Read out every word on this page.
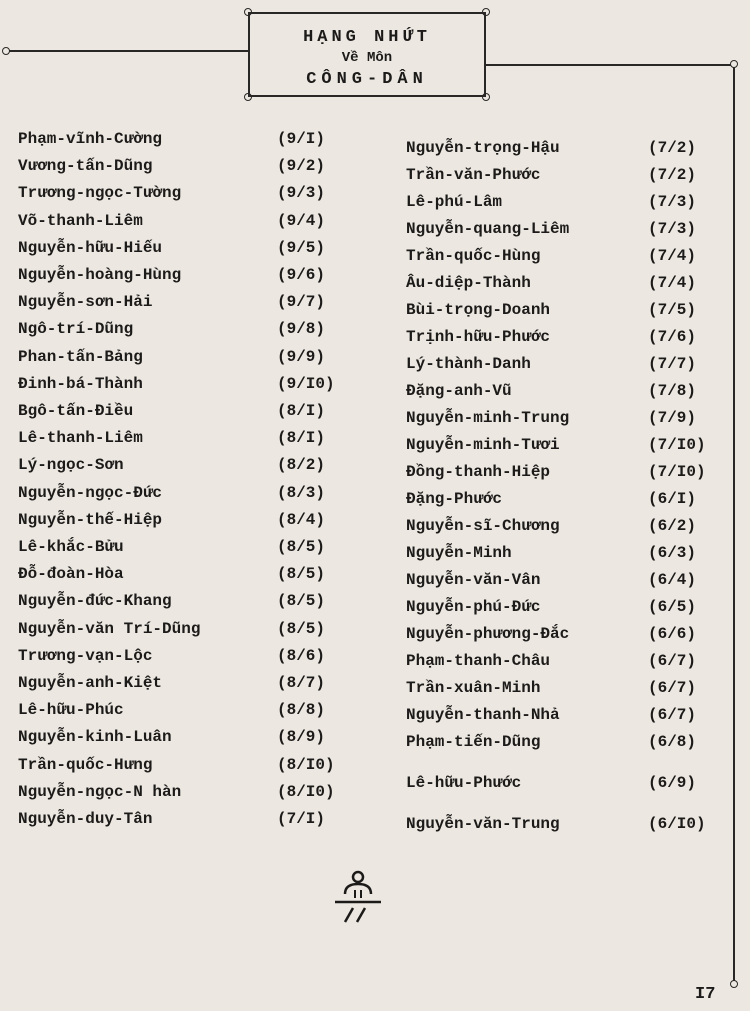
HẠNG NHỨT
Về Môn
CÔNG-DÂN
Phạm-vĩnh-Cường	(9/I)
Vương-tấn-Dũng	(9/2)
Trương-ngọc-Tường	(9/3)
Võ-thanh-Liêm	(9/4)
Nguyễn-hữu-Hiếu	(9/5)
Nguyễn-hoàng-Hùng	(9/6)
Nguyễn-sơn-Hải	(9/7)
Ngô-trí-Dũng	(9/8)
Phan-tấn-Bảng	(9/9)
Đinh-bá-Thành	(9/I0)
Bgô-tấn-Điều	(8/I)
Lê-thanh-Liêm	(8/I)
Lý-ngọc-Sơn	(8/2)
Nguyễn-ngọc-Đức	(8/3)
Nguyễn-thế-Hiệp	(8/4)
Lê-khắc-Bửu	(8/5)
Đỗ-đoàn-Hòa	(8/5)
Nguyễn-đức-Khang	(8/5)
Nguyễn-văn Trí-Dũng	(8/5)
Trương-vạn-Lộc	(8/6)
Nguyễn-anh-Kiệt	(8/7)
Lê-hữu-Phúc	(8/8)
Nguyễn-kinh-Luân	(8/9)
Trần-quốc-Hưng	(8/I0)
Nguyễn-ngọc-N hàn	(8/I0)
Nguyễn-duy-Tân	(7/I)
Nguyễn-trọng-Hậu	(7/2)
Trần-văn-Phước	(7/2)
Lê-phú-Lâm	(7/3)
Nguyễn-quang-Liêm	(7/3)
Trần-quốc-Hùng	(7/4)
Âu-diệp-Thành	(7/4)
Bùi-trọng-Doanh	(7/5)
Trịnh-hữu-Phước	(7/6)
Lý-thành-Danh	(7/7)
Đặng-anh-Vũ	(7/8)
Nguyễn-minh-Trung	(7/9)
Nguyễn-minh-Tươi	(7/I0)
Đồng-thanh-Hiệp	(7/I0)
Đặng-Phước	(6/I)
Nguyễn-sĩ-Chương	(6/2)
Nguyễn-Minh	(6/3)
Nguyễn-văn-Vân	(6/4)
Nguyễn-phú-Đức	(6/5)
Nguyễn-phương-Đắc	(6/6)
Phạm-thanh-Châu	(6/7)
Trần-xuân-Minh	(6/7)
Nguyễn-thanh-Nhả	(6/7)
Phạm-tiến-Dũng	(6/8)
Lê-hữu-Phước	(6/9)
Nguyễn-văn-Trung	(6/I0)
I7
